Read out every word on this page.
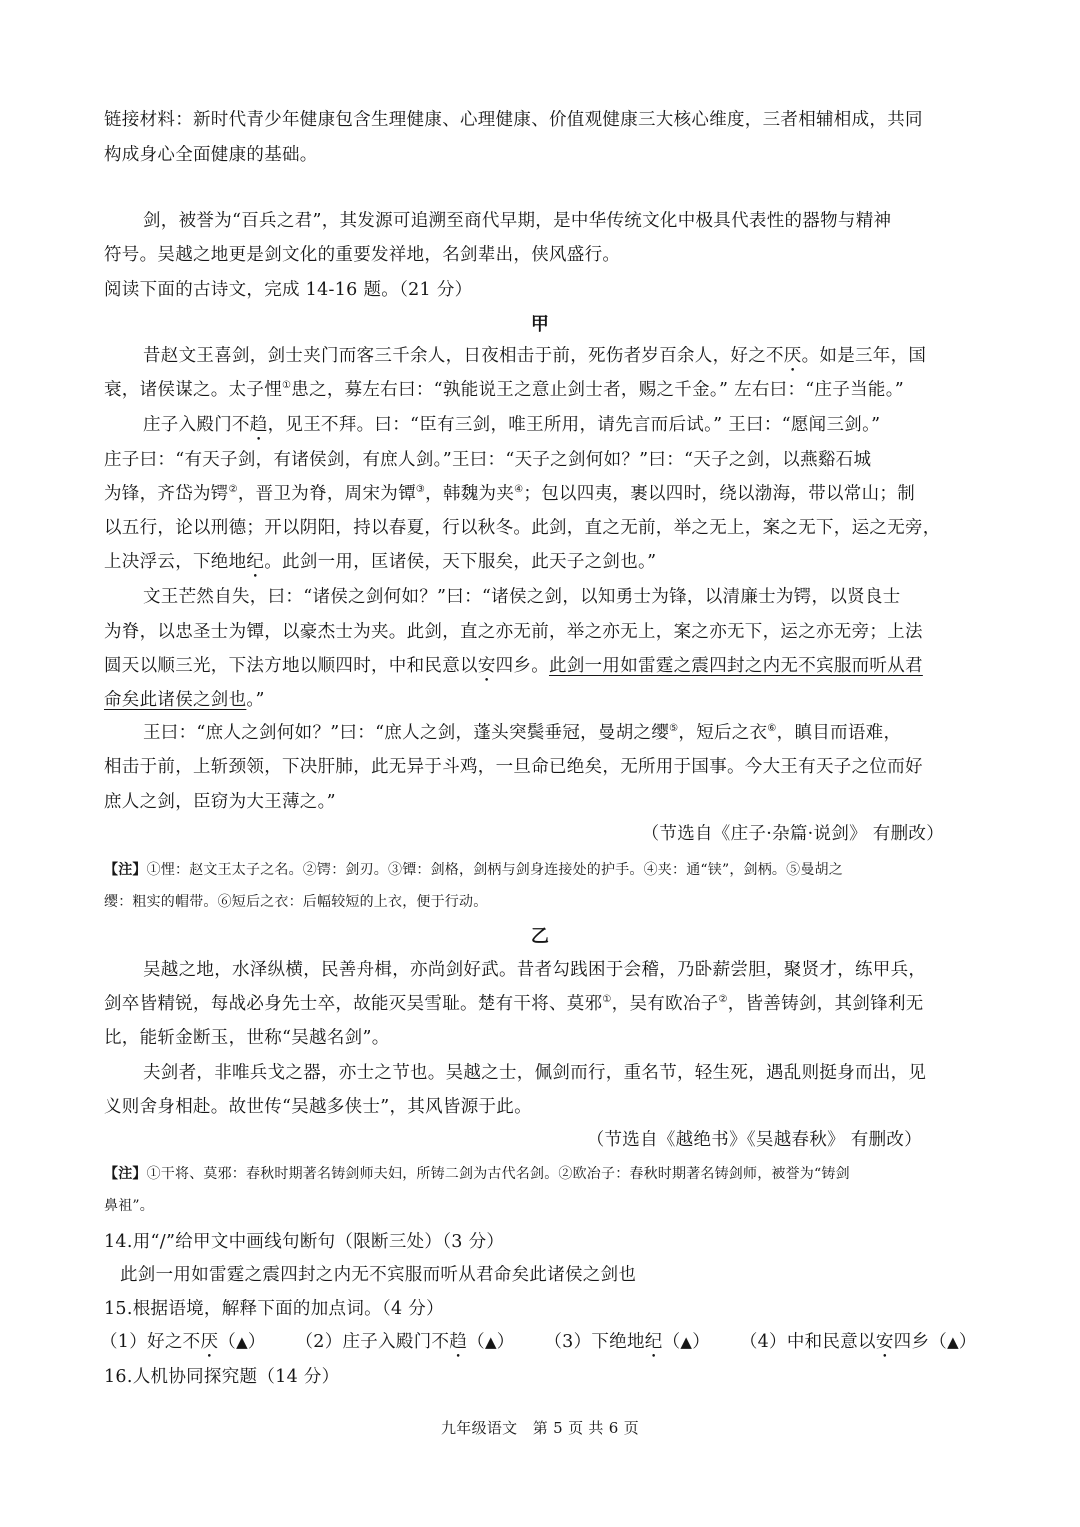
链接材料：新时代青少年健康包含生理健康、心理健康、价值观健康三大核心维度，三者相辅相成，共同
构成身心全面健康的基础。
剑，被誉为“百兵之君”，其发源可追溯至商代早期，是中华传统文化中极具代表性的器物与精神
符号。吴越之地更是剑文化的重要发祥地，名剑辈出，侠风盛行。
阅读下面的古诗文，完成 14-16 题。（21 分）
甲
昔赵文王喜剑，剑士夹门而客三千余人，日夜相击于前，死伤者岁百余人，好之不厌。如是三年，国
衰，诸侯谋之。太子悝①患之，募左右曰：“孰能说王之意止剑士者，赐之千金。” 左右曰：“庄子当能。”
庄子入殿门不趋，见王不拜。曰：“臣有三剑，唯王所用，请先言而后试。” 王曰：“愿闻三剑。”
庄子曰：“有天子剑，有诸侯剑，有庶人剑。”王曰：“天子之剑何如？”曰：“天子之剑，以燕谿石城
为锋，齐岱为锷②，晋卫为脊，周宋为镡③，韩魏为夹④；包以四夷，裹以四时，绕以渤海，带以常山；制
以五行，论以刑德；开以阴阳，持以春夏，行以秋冬。此剑，直之无前，举之无上，案之无下，运之无旁，
上决浮云，下绝地纪。此剑一用，匡诸侯，天下服矣，此天子之剑也。”
文王芒然自失，曰：“诸侯之剑何如？”曰：“诸侯之剑，以知勇士为锋，以清廉士为锷，以贤良士
为脊，以忠圣士为镡，以豪杰士为夹。此剑，直之亦无前，举之亦无上，案之亦无下，运之亦无旁；上法
圆天以顺三光，下法方地以顺四时，中和民意以安四乡。此剑一用如雷霆之震四封之内无不宾服而听从君
命矣此诸侯之剑也。”
王曰：“庶人之剑何如？”曰：“庶人之剑，蓬头突鬓垂冠，曼胡之缨⑤，短后之衣⑥，瞋目而语难，
相击于前，上斩颈领，下决肝肺，此无异于斗鸡，一旦命已绝矣，无所用于国事。今大王有天子之位而好
庶人之剑，臣窃为大王薄之。”
（节选自《庄子·杂篇·说剑》 有删改）
【注】①悝：赵文王太子之名。②锷：剑刃。③镡：剑格，剑柄与剑身连接处的护手。④夹：通“铗”，剑柄。⑤曼胡之
缨：粗实的帽带。⑥短后之衣：后幅较短的上衣，便于行动。
乙
吴越之地，水泽纵横，民善舟楫，亦尚剑好武。昔者勾践困于会稽，乃卧薪尝胆，聚贤才，练甲兵，
剑卒皆精锐，每战必身先士卒，故能灭吴雪耻。楚有干将、莫邪①，吴有欧冶子②，皆善铸剑，其剑锋利无
比，能斩金断玉，世称“吴越名剑”。
夫剑者，非唯兵戈之器，亦士之节也。吴越之士，佩剑而行，重名节，轻生死，遇乱则挺身而出，见
义则舍身相赴。故世传“吴越多侠士”，其风皆源于此。
（节选自《越绝书》《吴越春秋》 有删改）
【注】①干将、莫邪：春秋时期著名铸剑师夫妇，所铸二剑为古代名剑。②欧冶子：春秋时期著名铸剑师，被誉为“铸剑
鼻祖”。
14.用“/”给甲文中画线句断句（限断三处）（3 分）
此剑一用如雷霆之震四封之内无不宾服而听从君命矣此诸侯之剑也
15.根据语境，解释下面的加点词。（4 分）
（1）好之不厌（▲） （2）庄子入殿门不趋（▲） （3）下绝地纪（▲） （4）中和民意以安四乡（▲）
16.人机协同探究题（14 分）
九年级语文　第 5 页 共 6 页
